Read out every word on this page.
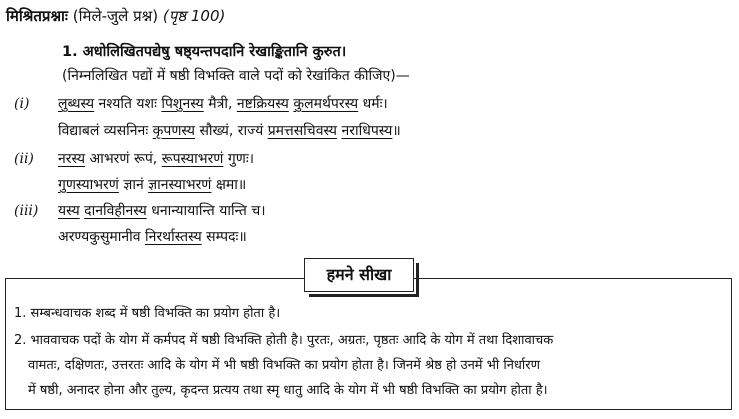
मिश्रितप्रश्नाः (मिले-जुले प्रश्न) (पृष्ठ 100)
1. अधोलिखितपद्येषु षष्ठ्यन्तपदानि रेखाङ्कितानि कुरुत।
(निम्नलिखित पद्यों में षष्ठी विभक्ति वाले पदों को रेखांकित कीजिए)—
(i) लुब्धस्य नश्यति यशः पिशुनस्य मैत्री, नष्टक्रियस्य कुलमर्थपरस्य धर्मः।
विद्याबलं व्यसनिनः कृपणस्य सौख्यं, राज्यं प्रमत्तसचिवस्य नराधिपस्य॥
(ii) नरस्य आभरणं रूपं, रूपस्याभरणं गुणः।
गुणस्याभरणं ज्ञानं ज्ञानस्याभरणं क्षमा॥
(iii) यस्य दानविहीनस्य धनान्यायान्ति यान्ति च।
अरण्यकुसुमानीव निरर्थास्तस्य सम्पदः॥
हमने सीखा
1. सम्बन्धवाचक शब्द में षष्ठी विभक्ति का प्रयोग होता है।
2. भाववाचक पदों के योग में कर्मपद में षष्ठी विभक्ति होती है। पुरतः, अग्रतः, पृष्ठतः आदि के योग में तथा दिशावाचक
वामतः, दक्षिणतः, उत्तरतः आदि के योग में भी षष्ठी विभक्ति का प्रयोग होता है। जिनमें श्रेष्ठ हो उनमें भी निर्धारण
में षष्ठी, अनादर होना और तुल्य, कृदन्त प्रत्यय तथा स्मृ धातु आदि के योग में भी षष्ठी विभक्ति का प्रयोग होता है।
